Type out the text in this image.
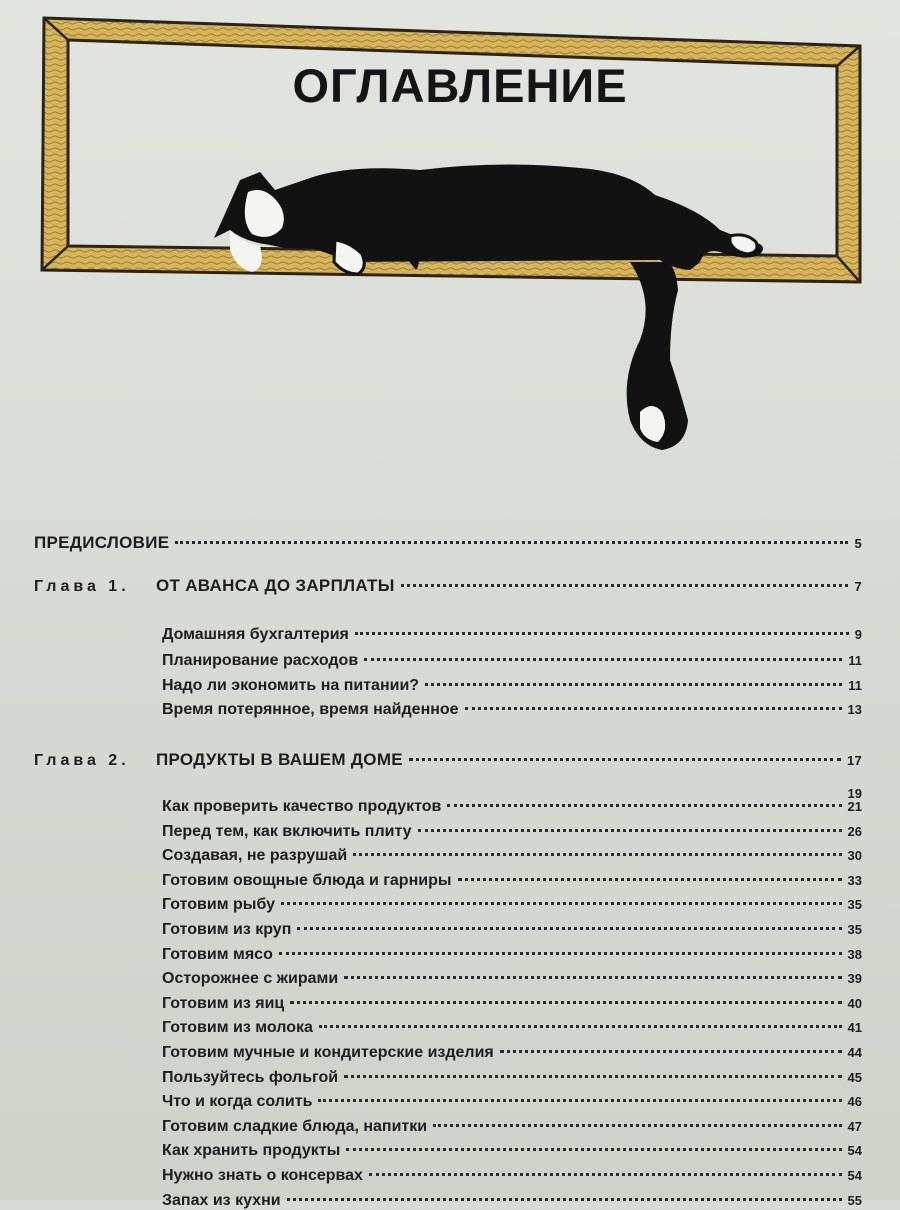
ОГЛАВЛЕНИЕ
ПРЕДИСЛОВИЕ	5
Глава 1.	ОТ АВАНСА ДО ЗАРПЛАТЫ	7
Домашняя бухгалтерия	9
Планирование расходов	11
Надо ли экономить на питании?	11
Время потерянное, время найденное	13
Глава 2.	ПРОДУКТЫ В ВАШЕМ ДОМЕ	17
19
Как проверить качество продуктов	21
Перед тем, как включить плиту	26
Создавая, не разрушай	30
Готовим овощные блюда и гарниры	33
Готовим рыбу	35
Готовим из круп	35
Готовим мясо	38
Осторожнее с жирами	39
Готовим из яиц	40
Готовим из молока	41
Готовим мучные и кондитерские изделия	44
Пользуйтесь фольгой	45
Что и когда солить	46
Готовим сладкие блюда, напитки	47
Как хранить продукты	54
Нужно знать о консервах	54
Запах из кухни	55
